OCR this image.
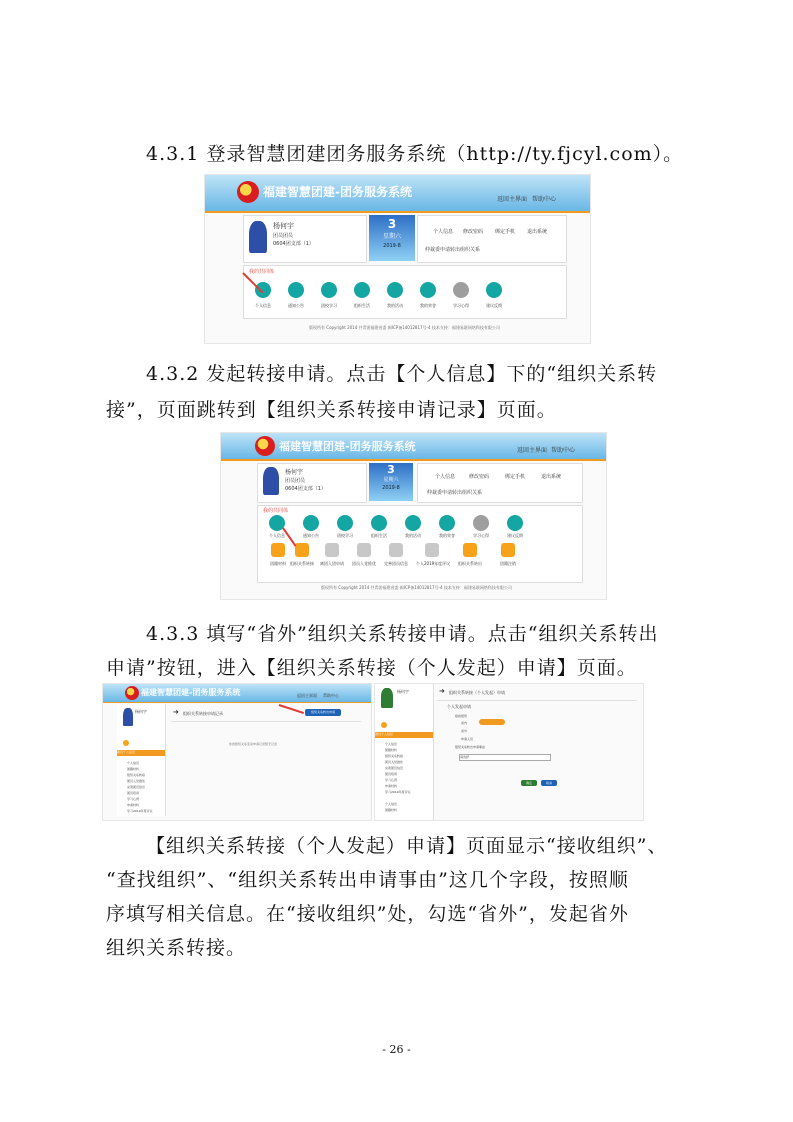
4.3.1 登录智慧团建团务服务系统（http://ty.fjcyl.com）。
福建智慧团建-团务服务系统
返回主界面 帮助中心
杨何宇
团员团员
0604团支部（1）
3
星期六
2019-8
个人信息 修改密码 绑定手机 退出系统
仲裁委申请转出组织关系
我的共同体
个人信息	通知公告	团校学习	组织生活	我的活动	我的荣誉	学习心得	建议反馈
版权所有 Copyright 2014 共青团福建省委 闽ICP备14012817号-4 技术支持：福建易联网络科技有限公司
4.3.2 发起转接申请。点击【个人信息】下的“组织关系转
接”，页面跳转到【组织关系转接申请记录】页面。
福建智慧团建-团务服务系统	返回主界面 帮助中心
杨何宇
团员团员
0604团支部（1）
3
星期六
2019-8
个人信息	修改密码	绑定手机	退出系统
仲裁委申请转出组织关系
我的共同体
个人信息	通知公告	团校学习	组织生活	我的活动	我的荣誉	学习心得	建议反馈
团籍材料	组织关系转接	离团入团申请	团员入党推优	完善团员信息	个人2019年度评议	组织关系转出	团籍注销
版权所有 Copyright 2014 共青团福建省委 闽ICP备14012817号-4 技术支持：福建易联网络科技有限公司
4.3.3 填写“省外”组织关系转接申请。点击“组织关系转出
申请”按钮，进入【组织关系转接（个人发起）申请】页面。
福建智慧团建-团务服务系统	返回主界面 帮助中心
杨何宇
团员个人信息
个人信息
团籍材料
组织关系转接
团员入党推优
完善团员信息
团员培训
学习心得
申请材料
学习2019年度评议
➜ 组织关系转接申请记录	组织关系转出申请
你的组织关系变动申请记录暂无记录
杨何宇
团员个人信息
个人信息
团籍材料
组织关系转接
团员入党推优
完善团员信息
团员培训
学习心得
申请材料
学习2019年度评议
个人信息
团籍材料
➜ 组织关系转接（个人发起）申请
个人发起申请
接收组织
省内
省外
申请人员
组织关系转出申请事由
请选择
确定	取消
【组织关系转接（个人发起）申请】页面显示“接收组织”、
“查找组织”、“组织关系转出申请事由”这几个字段，按照顺
序填写相关信息。在“接收组织”处，勾选“省外”，发起省外
组织关系转接。
- 26 -
